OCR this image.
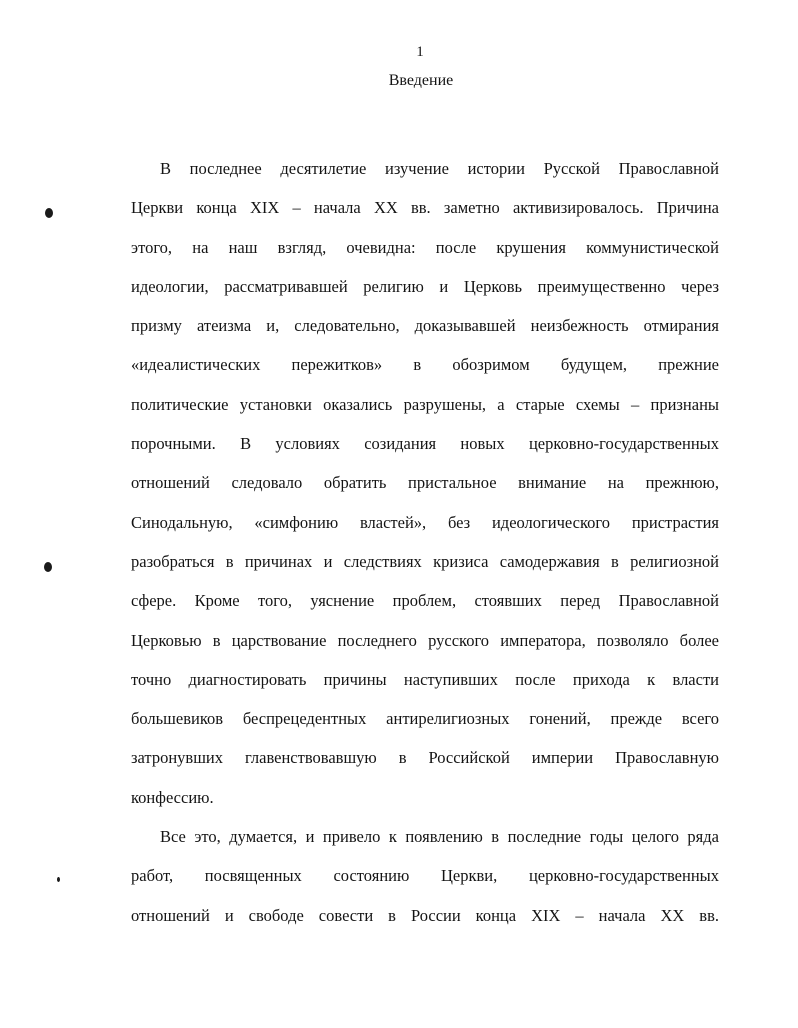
1
Введение
В последнее десятилетие изучение истории Русской Православной
Церкви конца XIX – начала XX вв. заметно активизировалось. Причина
этого, на наш взгляд, очевидна: после крушения коммунистической
идеологии, рассматривавшей религию и Церковь преимущественно через
призму атеизма и, следовательно, доказывавшей неизбежность отмирания
«идеалистических пережитков» в обозримом будущем, прежние
политические установки оказались разрушены, а старые схемы – признаны
порочными. В условиях созидания новых церковно-государственных
отношений следовало обратить пристальное внимание на прежнюю,
Синодальную, «симфонию властей», без идеологического пристрастия
разобраться в причинах и следствиях кризиса самодержавия в религиозной
сфере. Кроме того, уяснение проблем, стоявших перед Православной
Церковью в царствование последнего русского императора, позволяло более
точно диагностировать причины наступивших после прихода к власти
большевиков беспрецедентных антирелигиозных гонений, прежде всего
затронувших главенствовавшую в Российской империи Православную
конфессию.
Все это, думается, и привело к появлению в последние годы целого ряда
работ, посвященных состоянию Церкви, церковно-государственных
отношений и свободе совести в России конца XIX – начала XX вв.
